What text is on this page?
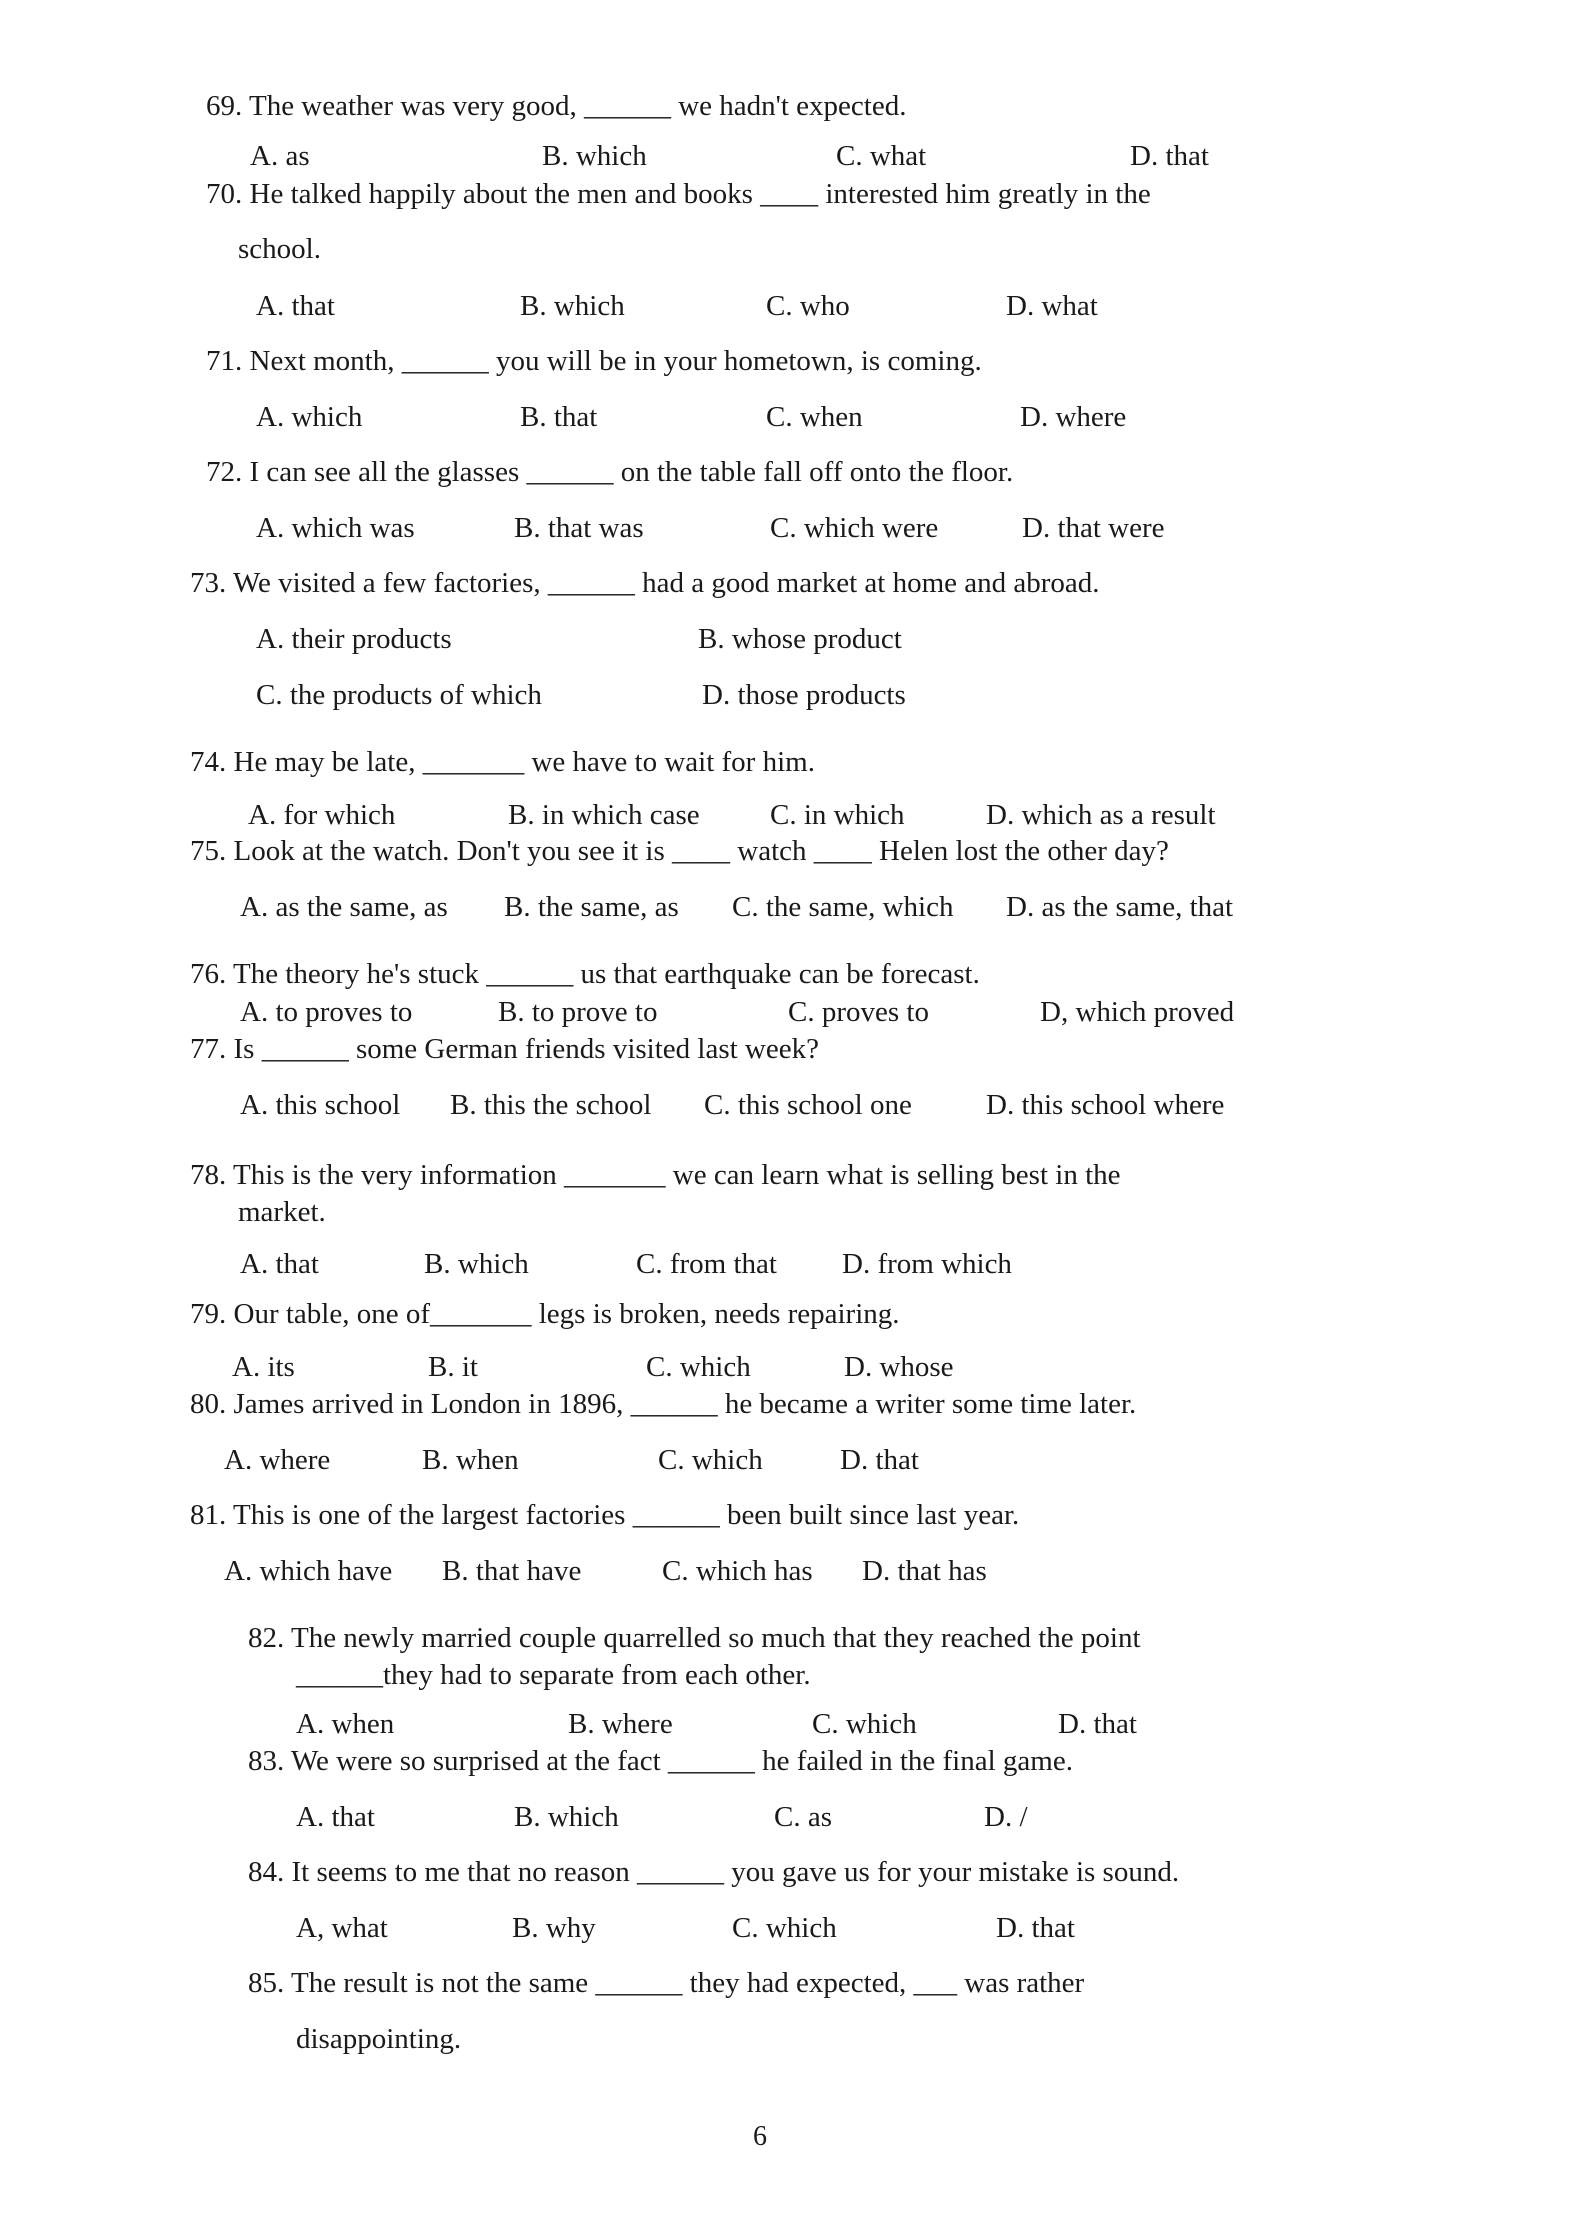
69. The weather was very good, ______ we hadn't expected.

A. as	B. which	C. what	D. that

70. He talked happily about the men and books ____ interested him greatly in the

school.

A. that	B. which	C. who	D. what

71. Next month, ______ you will be in your hometown, is coming.

A. which	B. that	C. when	D. where

72. I can see all the glasses ______ on the table fall off onto the floor.

A. which was	B. that was	C. which were	D. that were

73. We visited a few factories, ______ had a good market at home and abroad.

A. their products	B. whose product

C. the products of which	D. those products

74. He may be late, _______ we have to wait for him.

A. for which	B. in which case C. in which	D. which as a result

75. Look at the watch. Don't you see it is ____ watch ____ Helen lost the other day?

A. as the same, as B. the same, as C. the same, which D. as the same, that

76. The theory he's stuck ______ us that earthquake can be forecast.

A. to proves to	B. to prove to	C. proves to	D, which proved

77. Is ______ some German friends visited last week?

A. this school B. this the school C. this school one	D. this school where

78. This is the very information _______ we can learn what is selling best in the

market.

A. that	B. which	C. from that D. from which

79. Our table, one of_______ legs is broken, needs repairing.

A. its	B. it	C. which	D. whose

80. James arrived in London in 1896, ______ he became a writer some time later.

A. where	B. when	C. which	D. that

81. This is one of the largest factories ______ been built since last year.

A. which have B. that have	C. which has D. that has

82. The newly married couple quarrelled so much that they reached the point

______they had to separate from each other.

A. when	B. where	C. which	D. that

83. We were so surprised at the fact ______ he failed in the final game.

A. that	B. which	C. as	D. /

84. It seems to me that no reason ______ you gave us for your mistake is sound.

A, what	B. why	C. which	D. that

85. The result is not the same ______ they had expected, ___ was rather

disappointing.

6
